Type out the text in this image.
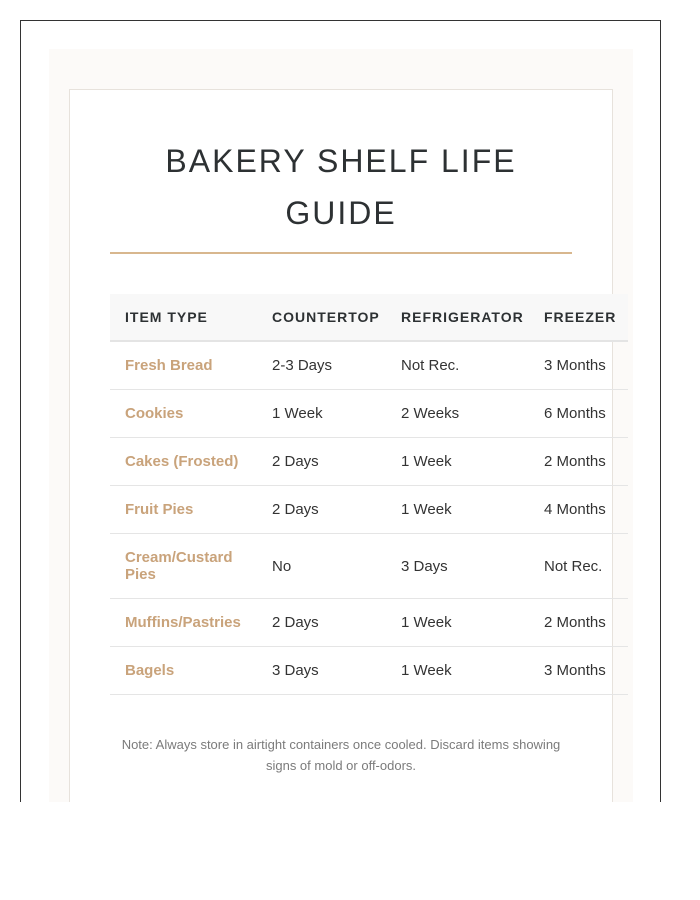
BAKERY SHELF LIFE GUIDE
ITEM TYPE	COUNTERTOP	REFRIGERATOR	FREEZER
Fresh Bread	2-3 Days	Not Rec.	3 Months
Cookies	1 Week	2 Weeks	6 Months
Cakes (Frosted)	2 Days	1 Week	2 Months
Fruit Pies	2 Days	1 Week	4 Months
Cream/Custard Pies	No	3 Days	Not Rec.
Muffins/Pastries	2 Days	1 Week	2 Months
Bagels	3 Days	1 Week	3 Months

Note: Always store in airtight containers once cooled. Discard items showing signs of mold or off-odors.
